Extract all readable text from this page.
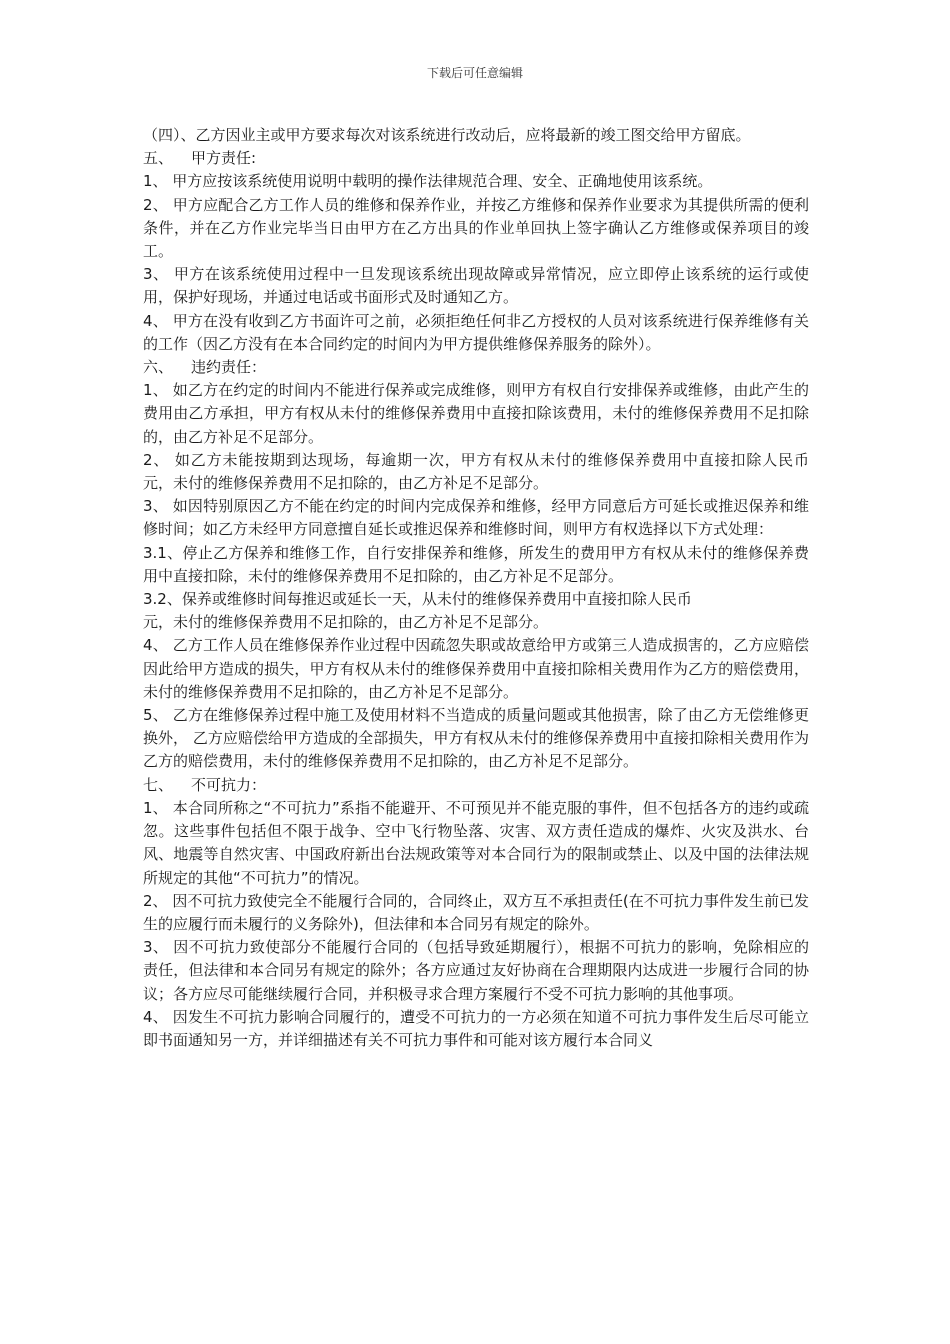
下载后可任意编辑

（四）、乙方因业主或甲方要求每次对该系统进行改动后，应将最新的竣工图交给甲方留底。

五、 甲方责任:

1、 甲方应按该系统使用说明中载明的操作法律规范合理、安全、正确地使用该系统。

2、 甲方应配合乙方工作人员的维修和保养作业，并按乙方维修和保养作业要求为其提供所需的便利条件，并在乙方作业完毕当日由甲方在乙方出具的作业单回执上签字确认乙方维修或保养项目的竣工。

3、 甲方在该系统使用过程中一旦发现该系统出现故障或异常情况，应立即停止该系统的运行或使用，保护好现场，并通过电话或书面形式及时通知乙方。

4、 甲方在没有收到乙方书面许可之前，必须拒绝任何非乙方授权的人员对该系统进行保养维修有关的工作（因乙方没有在本合同约定的时间内为甲方提供维修保养服务的除外）。

六、 违约责任：

1、 如乙方在约定的时间内不能进行保养或完成维修，则甲方有权自行安排保养或维修，由此产生的费用由乙方承担，甲方有权从未付的维修保养费用中直接扣除该费用，未付的维修保养费用不足扣除的，由乙方补足不足部分。

2、 如乙方未能按期到达现场，每逾期一次，甲方有权从未付的维修保养费用中直接扣除人民币　　　　　　元，未付的维修保养费用不足扣除的，由乙方补足不足部分。

3、 如因特别原因乙方不能在约定的时间内完成保养和维修，经甲方同意后方可延长或推迟保养和维修时间；如乙方未经甲方同意擅自延长或推迟保养和维修时间，则甲方有权选择以下方式处理：

3.1、停止乙方保养和维修工作，自行安排保养和维修，所发生的费用甲方有权从未付的维修保养费用中直接扣除，未付的维修保养费用不足扣除的，由乙方补足不足部分。

3.2、保养或维修时间每推迟或延长一天，从未付的维修保养费用中直接扣除人民币

元，未付的维修保养费用不足扣除的，由乙方补足不足部分。

4、 乙方工作人员在维修保养作业过程中因疏忽失职或故意给甲方或第三人造成损害的，乙方应赔偿因此给甲方造成的损失，甲方有权从未付的维修保养费用中直接扣除相关费用作为乙方的赔偿费用，未付的维修保养费用不足扣除的，由乙方补足不足部分。

5、 乙方在维修保养过程中施工及使用材料不当造成的质量问题或其他损害，除了由乙方无偿维修更换外， 乙方应赔偿给甲方造成的全部损失，甲方有权从未付的维修保养费用中直接扣除相关费用作为乙方的赔偿费用，未付的维修保养费用不足扣除的，由乙方补足不足部分。

七、 不可抗力：

1、 本合同所称之“不可抗力”系指不能避开、不可预见并不能克服的事件，但不包括各方的违约或疏忽。这些事件包括但不限于战争、空中飞行物坠落、灾害、双方责任造成的爆炸、火灾及洪水、台风、地震等自然灾害、中国政府新出台法规政策等对本合同行为的限制或禁止、以及中国的法律法规所规定的其他“不可抗力”的情况。

2、 因不可抗力致使完全不能履行合同的，合同终止，双方互不承担责任(在不可抗力事件发生前已发生的应履行而未履行的义务除外)，但法律和本合同另有规定的除外。

3、 因不可抗力致使部分不能履行合同的（包括导致延期履行），根据不可抗力的影响，免除相应的责任，但法律和本合同另有规定的除外；各方应通过友好协商在合理期限内达成进一步履行合同的协议；各方应尽可能继续履行合同，并积极寻求合理方案履行不受不可抗力影响的其他事项。

4、 因发生不可抗力影响合同履行的，遭受不可抗力的一方必须在知道不可抗力事件发生后尽可能立即书面通知另一方，并详细描述有关不可抗力事件和可能对该方履行本合同义
